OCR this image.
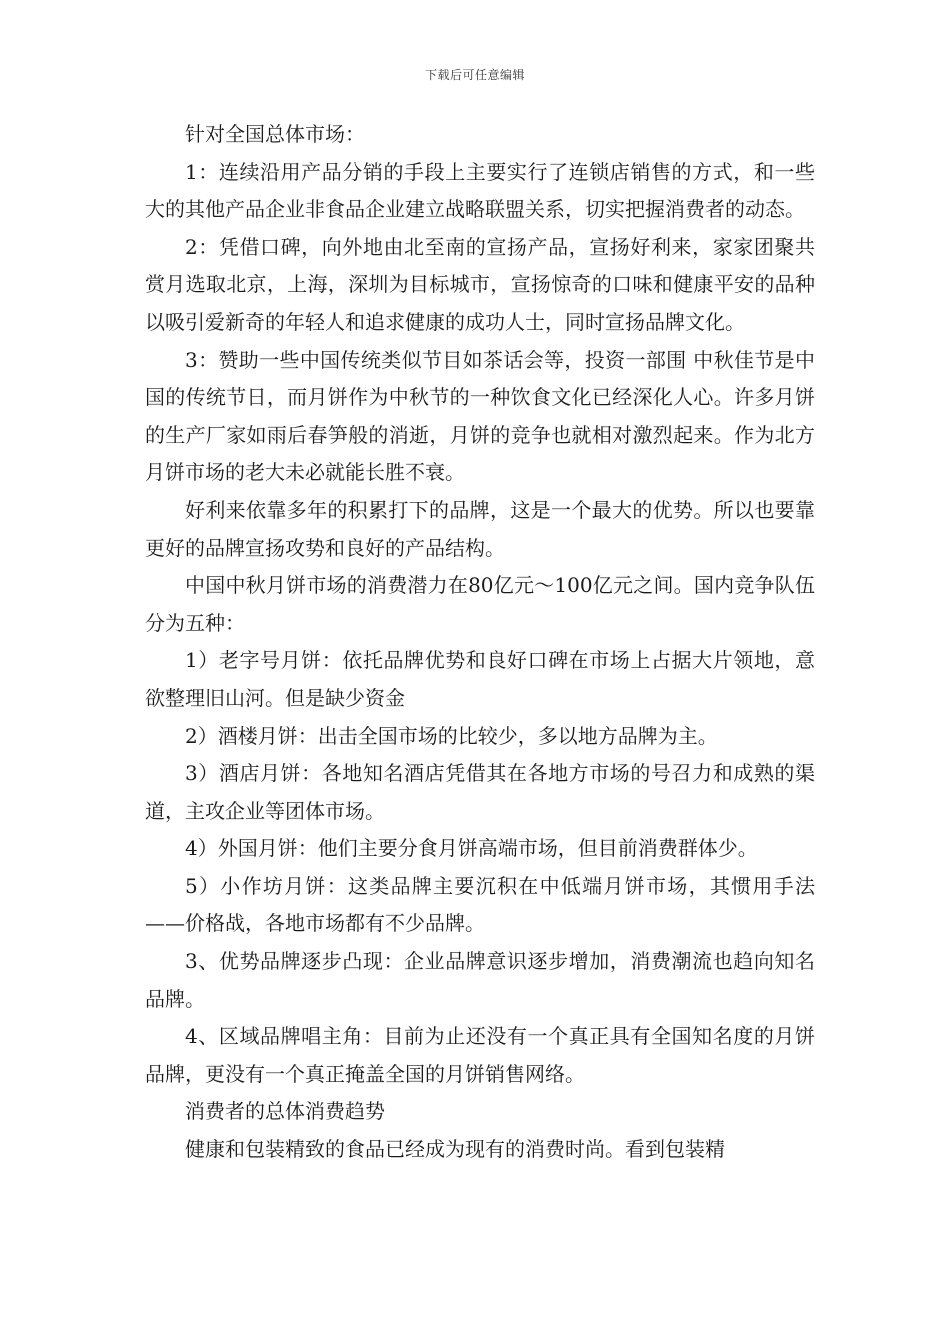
下载后可任意编辑

针对全国总体市场：

1：连续沿用产品分销的手段上主要实行了连锁店销售的方式，和一些大的其他产品企业非食品企业建立战略联盟关系，切实把握消费者的动态。

2：凭借口碑，向外地由北至南的宣扬产品，宣扬好利来，家家团聚共赏月选取北京，上海，深圳为目标城市，宣扬惊奇的口味和健康平安的品种以吸引爱新奇的年轻人和追求健康的成功人士，同时宣扬品牌文化。

3：赞助一些中国传统类似节目如茶话会等，投资一部围 中秋佳节是中国的传统节日，而月饼作为中秋节的一种饮食文化已经深化人心。许多月饼的生产厂家如雨后春笋般的消逝，月饼的竞争也就相对激烈起来。作为北方月饼市场的老大未必就能长胜不衰。

好利来依靠多年的积累打下的品牌，这是一个最大的优势。所以也要靠更好的品牌宣扬攻势和良好的产品结构。

中国中秋月饼市场的消费潜力在80亿元～100亿元之间。国内竞争队伍分为五种：

1）老字号月饼：依托品牌优势和良好口碑在市场上占据大片领地，意欲整理旧山河。但是缺少资金

2）酒楼月饼：出击全国市场的比较少，多以地方品牌为主。

3）酒店月饼：各地知名酒店凭借其在各地方市场的号召力和成熟的渠道，主攻企业等团体市场。

4）外国月饼：他们主要分食月饼高端市场，但目前消费群体少。

5）小作坊月饼：这类品牌主要沉积在中低端月饼市场，其惯用手法——价格战，各地市场都有不少品牌。

3、优势品牌逐步凸现：企业品牌意识逐步增加，消费潮流也趋向知名品牌。

4、区域品牌唱主角：目前为止还没有一个真正具有全国知名度的月饼品牌，更没有一个真正掩盖全国的月饼销售网络。

消费者的总体消费趋势

健康和包装精致的食品已经成为现有的消费时尚。看到包装精
